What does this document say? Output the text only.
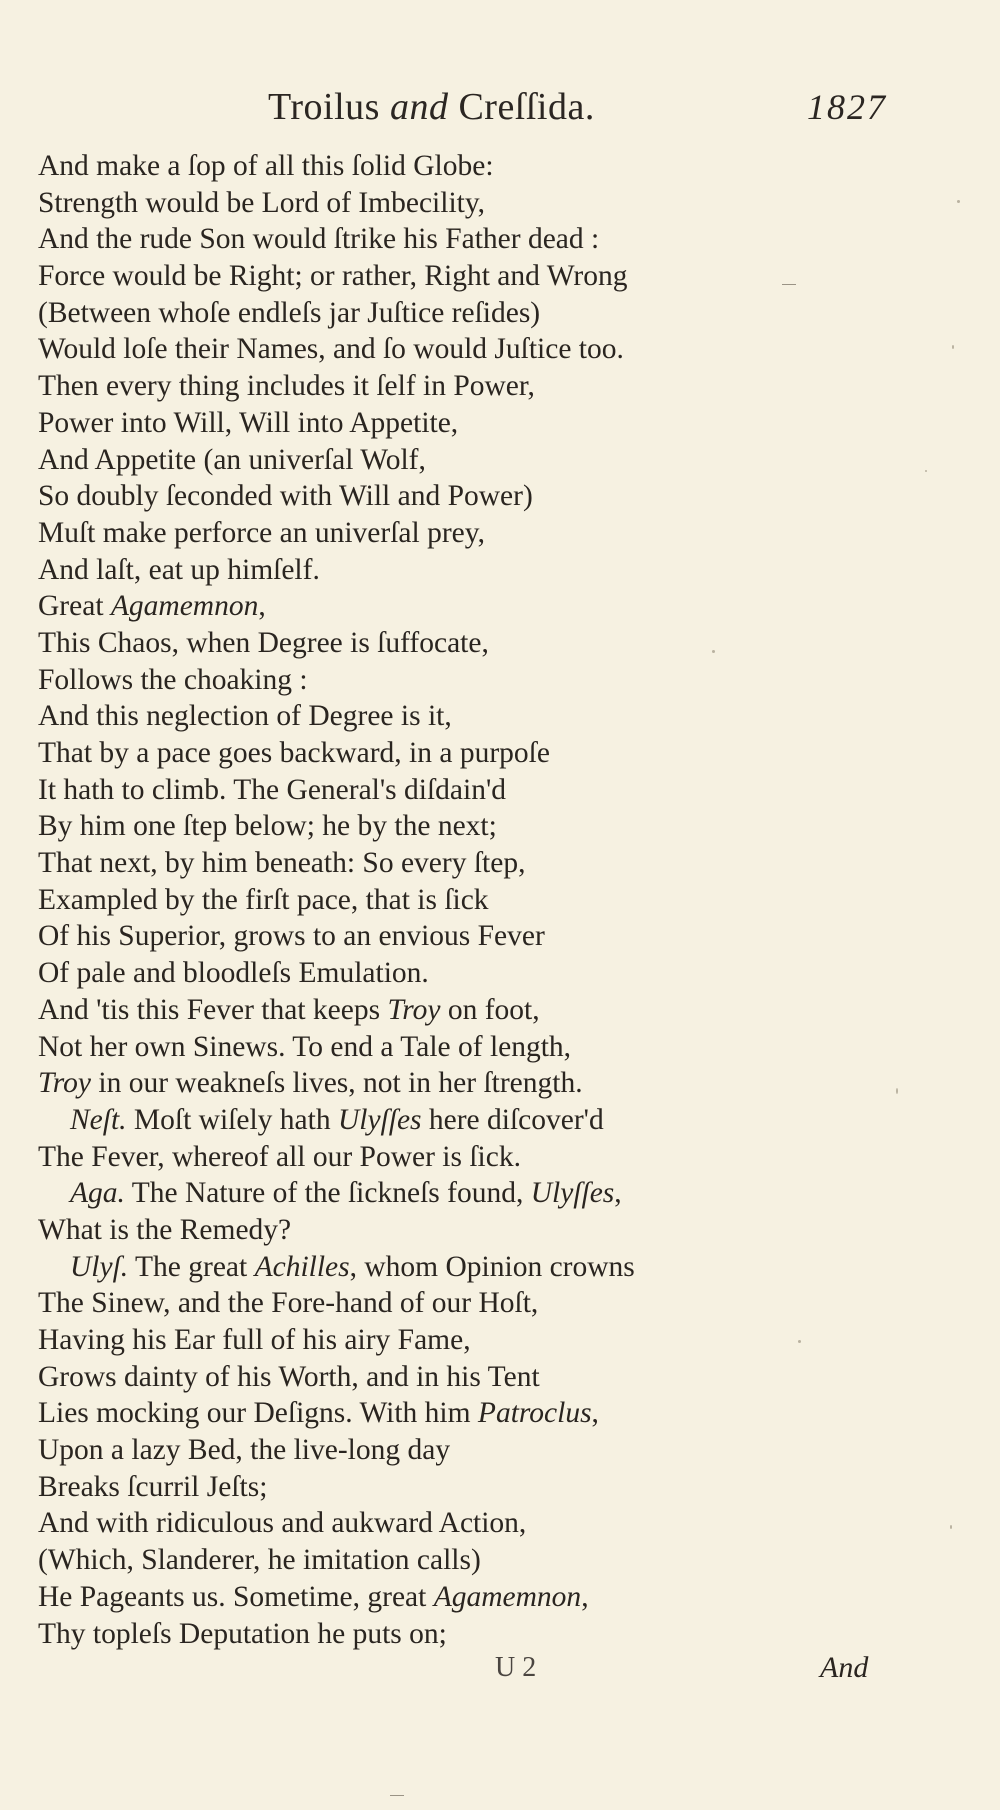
Troilus and Creſſida.	1827
And make a ſop of all this ſolid Globe:
Strength would be Lord of Imbecility,
And the rude Son would ſtrike his Father dead :
Force would be Right; or rather, Right and Wrong
(Between whoſe endleſs jar Juſtice reſides)
Would loſe their Names, and ſo would Juſtice too.
Then every thing includes it ſelf in Power,
Power into Will, Will into Appetite,
And Appetite (an univerſal Wolf,
So doubly ſeconded with Will and Power)
Muſt make perforce an univerſal prey,
And laſt, eat up himſelf.
Great Agamemnon,
This Chaos, when Degree is ſuffocate,
Follows the choaking :
And this neglection of Degree is it,
That by a pace goes backward, in a purpoſe
It hath to climb. The General's diſdain'd
By him one ſtep below; he by the next;
That next, by him beneath: So every ſtep,
Exampled by the firſt pace, that is ſick
Of his Superior, grows to an envious Fever
Of pale and bloodleſs Emulation.
And 'tis this Fever that keeps Troy on foot,
Not her own Sinews. To end a Tale of length,
Troy in our weakneſs lives, not in her ſtrength.
Neſt. Moſt wiſely hath Ulyſſes here diſcover'd
The Fever, whereof all our Power is ſick.
Aga. The Nature of the ſickneſs found, Ulyſſes,
What is the Remedy?
Ulyſ. The great Achilles, whom Opinion crowns
The Sinew, and the Fore-hand of our Hoſt,
Having his Ear full of his airy Fame,
Grows dainty of his Worth, and in his Tent
Lies mocking our Deſigns. With him Patroclus,
Upon a lazy Bed, the live-long day
Breaks ſcurril Jeſts;
And with ridiculous and aukward Action,
(Which, Slanderer, he imitation calls)
He Pageants us. Sometime, great Agamemnon,
Thy topleſs Deputation he puts on;
U 2	And
